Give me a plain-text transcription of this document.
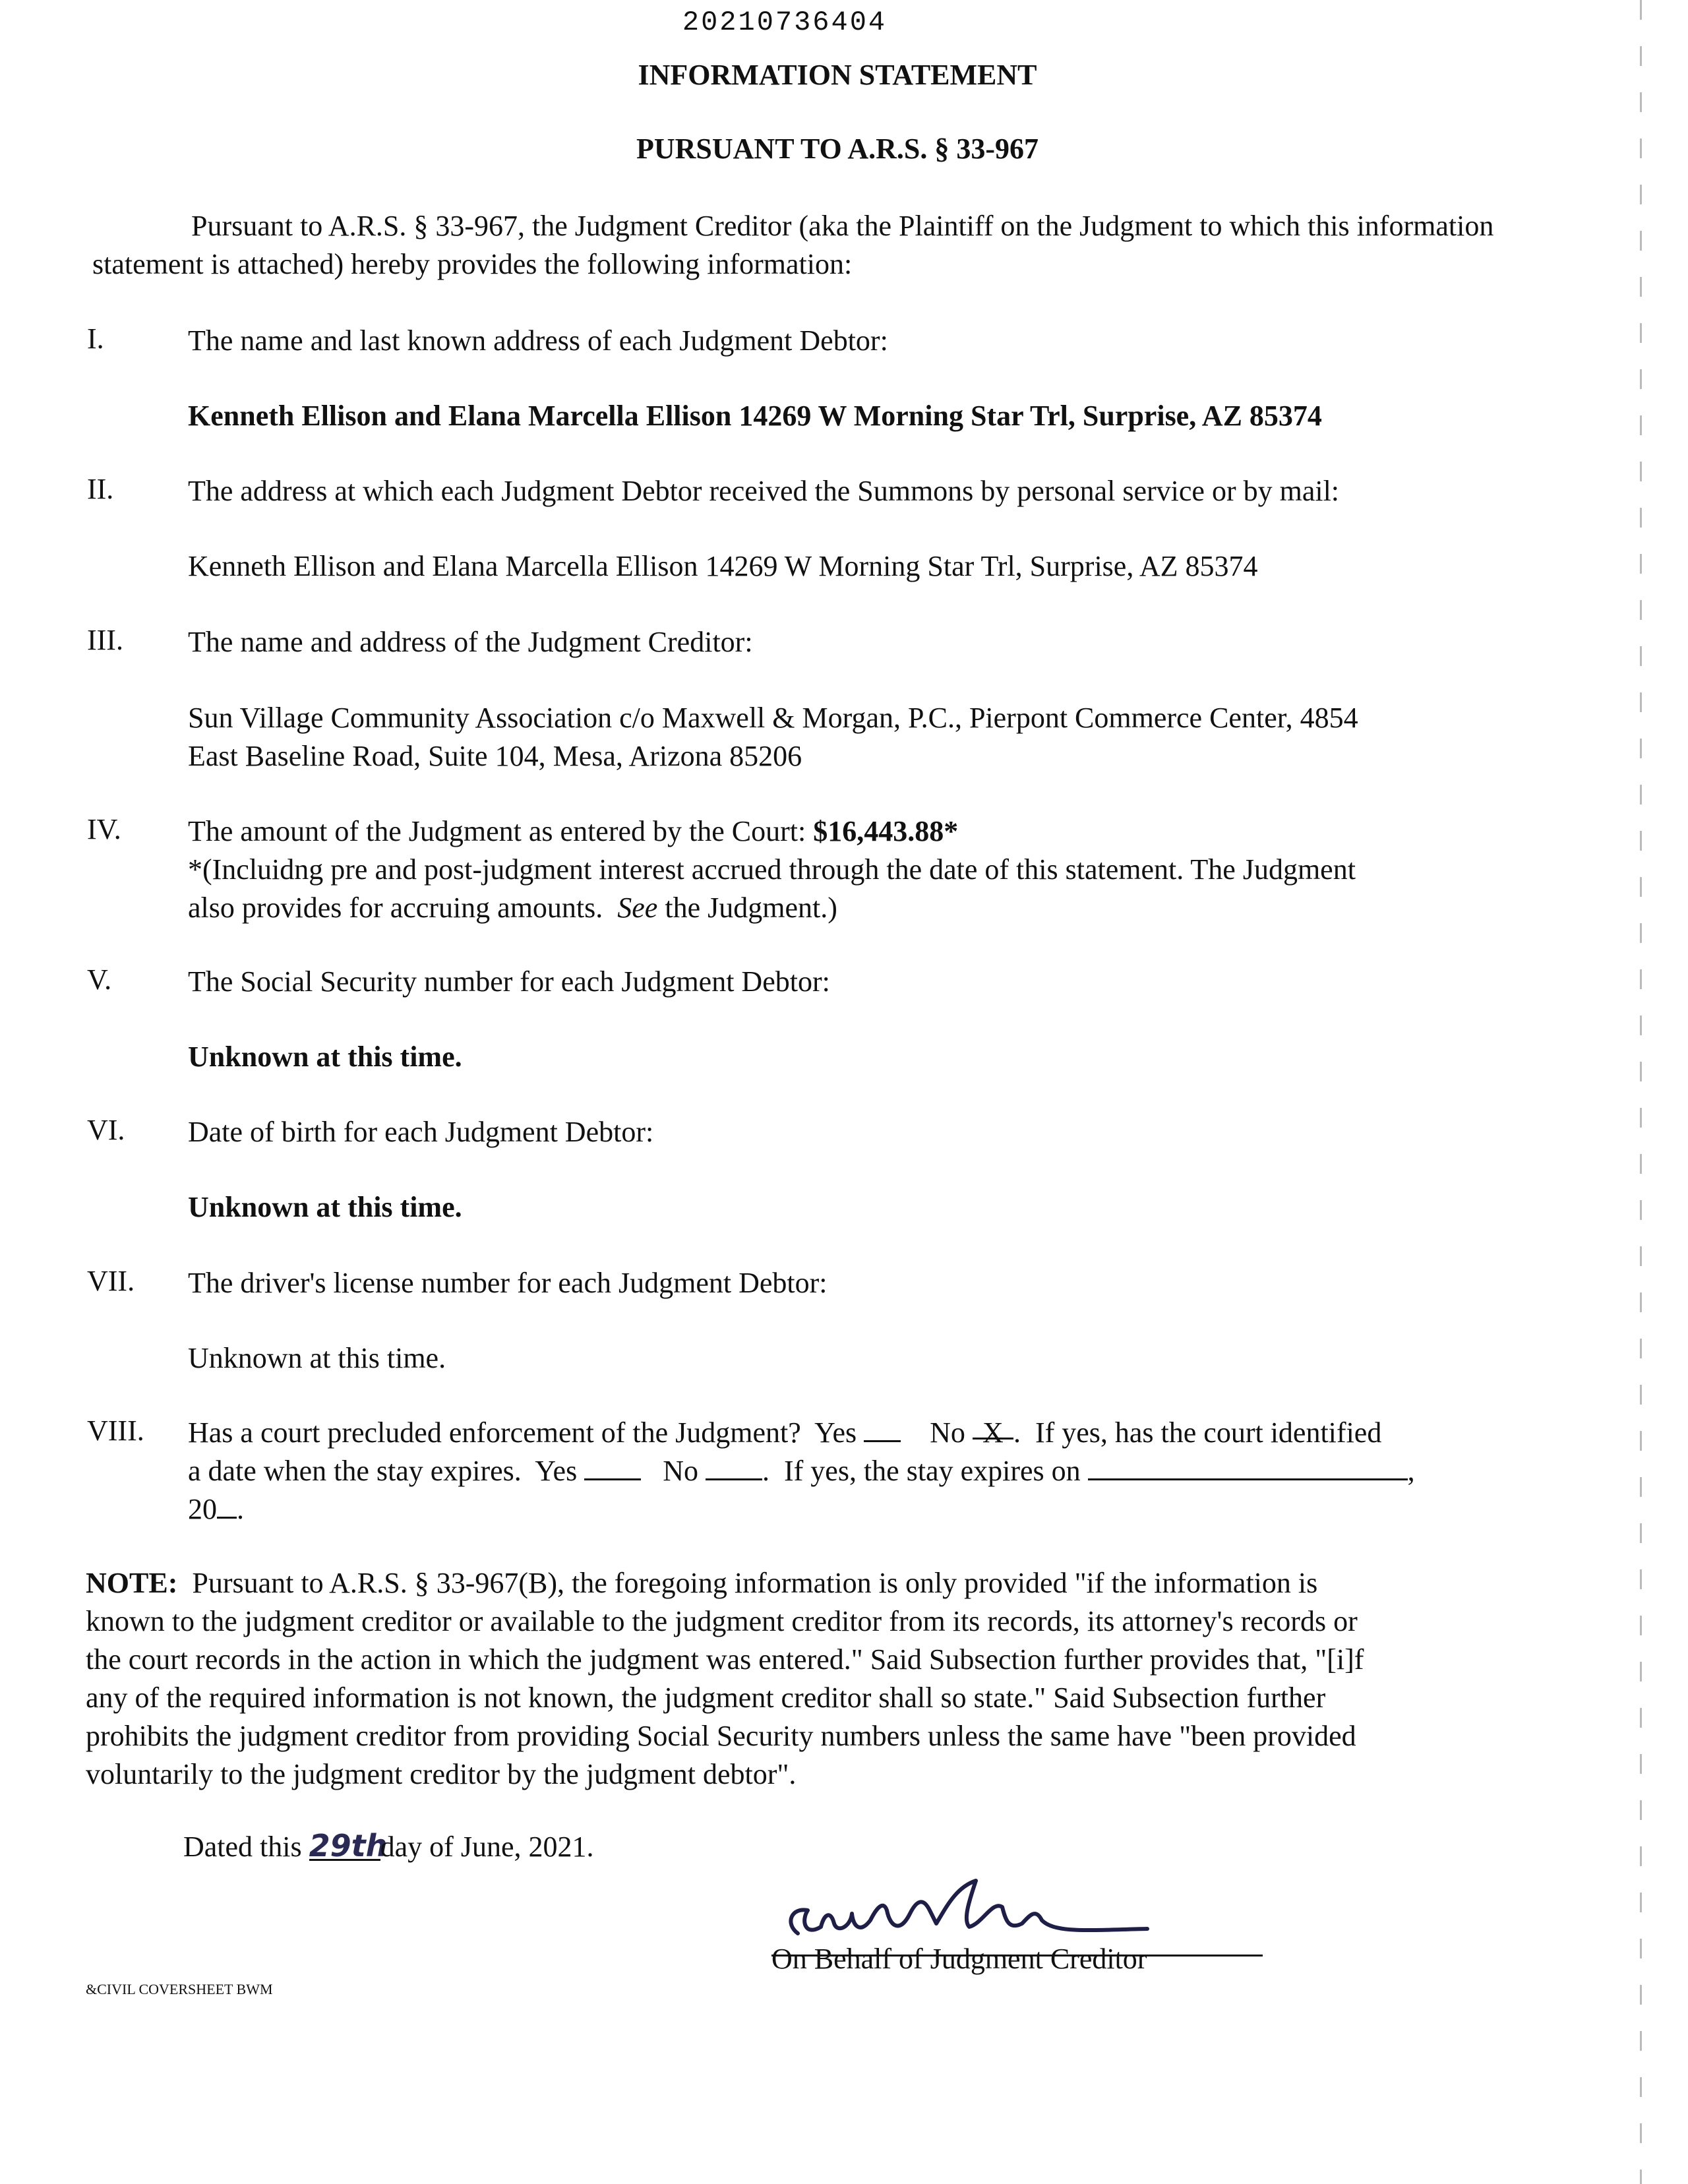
20210736404
INFORMATION STATEMENT
PURSUANT TO A.R.S. § 33-967
Pursuant to A.R.S. § 33-967, the Judgment Creditor (aka the Plaintiff on the Judgment to which this information statement is attached) hereby provides the following information:
I.	The name and last known address of each Judgment Debtor:
Kenneth Ellison and Elana Marcella Ellison 14269 W Morning Star Trl, Surprise, AZ 85374
II.	The address at which each Judgment Debtor received the Summons by personal service or by mail:
Kenneth Ellison and Elana Marcella Ellison 14269 W Morning Star Trl, Surprise, AZ 85374
III. The name and address of the Judgment Creditor:
Sun Village Community Association c/o Maxwell & Morgan, P.C., Pierpont Commerce Center, 4854
East Baseline Road, Suite 104, Mesa, Arizona 85206
IV. The amount of the Judgment as entered by the Court: $16,443.88*
*(Incluidng pre and post-judgment interest accrued through the date of this statement. The Judgment
also provides for accruing amounts. See the Judgment.)
V.	The Social Security number for each Judgment Debtor:
Unknown at this time.
VI. Date of birth for each Judgment Debtor:
Unknown at this time.
VII. The driver's license number for each Judgment Debtor:
Unknown at this time.
VIII. Has a court precluded enforcement of the Judgment? Yes	No X .  If yes, has the court identified
a date when the stay expires. Yes	No .  If yes, the stay expires on	,
20 .
NOTE: Pursuant to A.R.S. § 33-967(B), the foregoing information is only provided "if the information is
known to the judgment creditor or available to the judgment creditor from its records, its attorney's records or
the court records in the action in which the judgment was entered." Said Subsection further provides that, "[i]f
any of the required information is not known, the judgment creditor shall so state." Said Subsection further
prohibits the judgment creditor from providing Social Security numbers unless the same have "been provided
voluntarily to the judgment creditor by the judgment debtor".
Dated this 29thday of June, 2021.
On Behalf of Judgment Creditor
&CIVIL COVERSHEET BWM
